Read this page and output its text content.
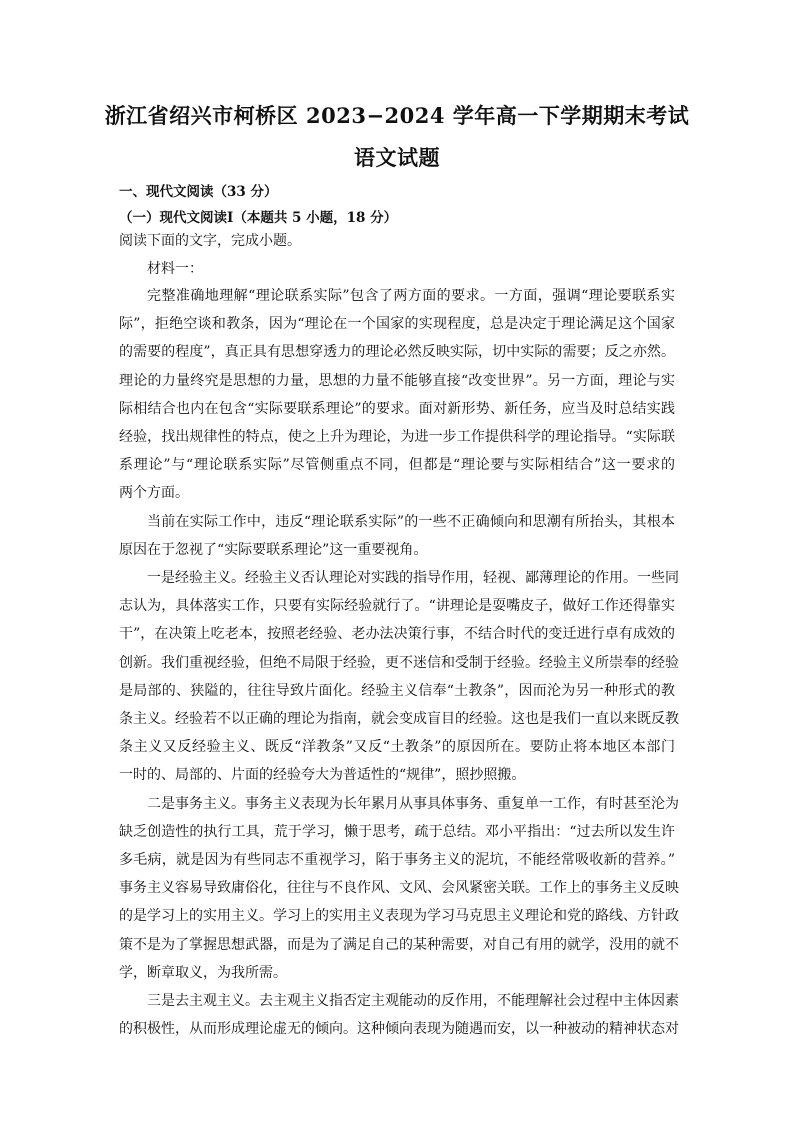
浙江省绍兴市柯桥区 2023−2024 学年高一下学期期末考试
语文试题
一、现代文阅读（33 分）
（一）现代文阅读Ⅰ（本题共 5 小题，18 分）
阅读下面的文字，完成小题。
材料一：
完整准确地理解“理论联系实际”包含了两方面的要求。一方面，强调“理论要联系实
际”，拒绝空谈和教条，因为“理论在一个国家的实现程度，总是决定于理论满足这个国家
的需要的程度”，真正具有思想穿透力的理论必然反映实际，切中实际的需要；反之亦然。
理论的力量终究是思想的力量，思想的力量不能够直接“改变世界”。另一方面，理论与实
际相结合也内在包含“实际要联系理论”的要求。面对新形势、新任务，应当及时总结实践
经验，找出规律性的特点，使之上升为理论，为进一步工作提供科学的理论指导。“实际联
系理论”与“理论联系实际”尽管侧重点不同，但都是“理论要与实际相结合”这一要求的
两个方面。
当前在实际工作中，违反“理论联系实际”的一些不正确倾向和思潮有所抬头，其根本
原因在于忽视了“实际要联系理论”这一重要视角。
一是经验主义。经验主义否认理论对实践的指导作用，轻视、鄙薄理论的作用。一些同
志认为，具体落实工作，只要有实际经验就行了。“讲理论是耍嘴皮子，做好工作还得靠实
干”，在决策上吃老本，按照老经验、老办法决策行事，不结合时代的变迁进行卓有成效的
创新。我们重视经验，但绝不局限于经验，更不迷信和受制于经验。经验主义所崇奉的经验
是局部的、狭隘的，往往导致片面化。经验主义信奉“土教条”，因而沦为另一种形式的教
条主义。经验若不以正确的理论为指南，就会变成盲目的经验。这也是我们一直以来既反教
条主义又反经验主义、既反“洋教条”又反“土教条”的原因所在。要防止将本地区本部门
一时的、局部的、片面的经验夸大为普适性的“规律”，照抄照搬。
二是事务主义。事务主义表现为长年累月从事具体事务、重复单一工作，有时甚至沦为
缺乏创造性的执行工具，荒于学习，懒于思考，疏于总结。邓小平指出：“过去所以发生许
多毛病，就是因为有些同志不重视学习，陷于事务主义的泥坑，不能经常吸收新的营养。”
事务主义容易导致庸俗化，往往与不良作风、文风、会风紧密关联。工作上的事务主义反映
的是学习上的实用主义。学习上的实用主义表现为学习马克思主义理论和党的路线、方针政
策不是为了掌握思想武器，而是为了满足自己的某种需要，对自己有用的就学，没用的就不
学，断章取义，为我所需。
三是去主观主义。去主观主义指否定主观能动的反作用，不能理解社会过程中主体因素
的积极性，从而形成理论虚无的倾向。这种倾向表现为随遇而安，以一种被动的精神状态对
